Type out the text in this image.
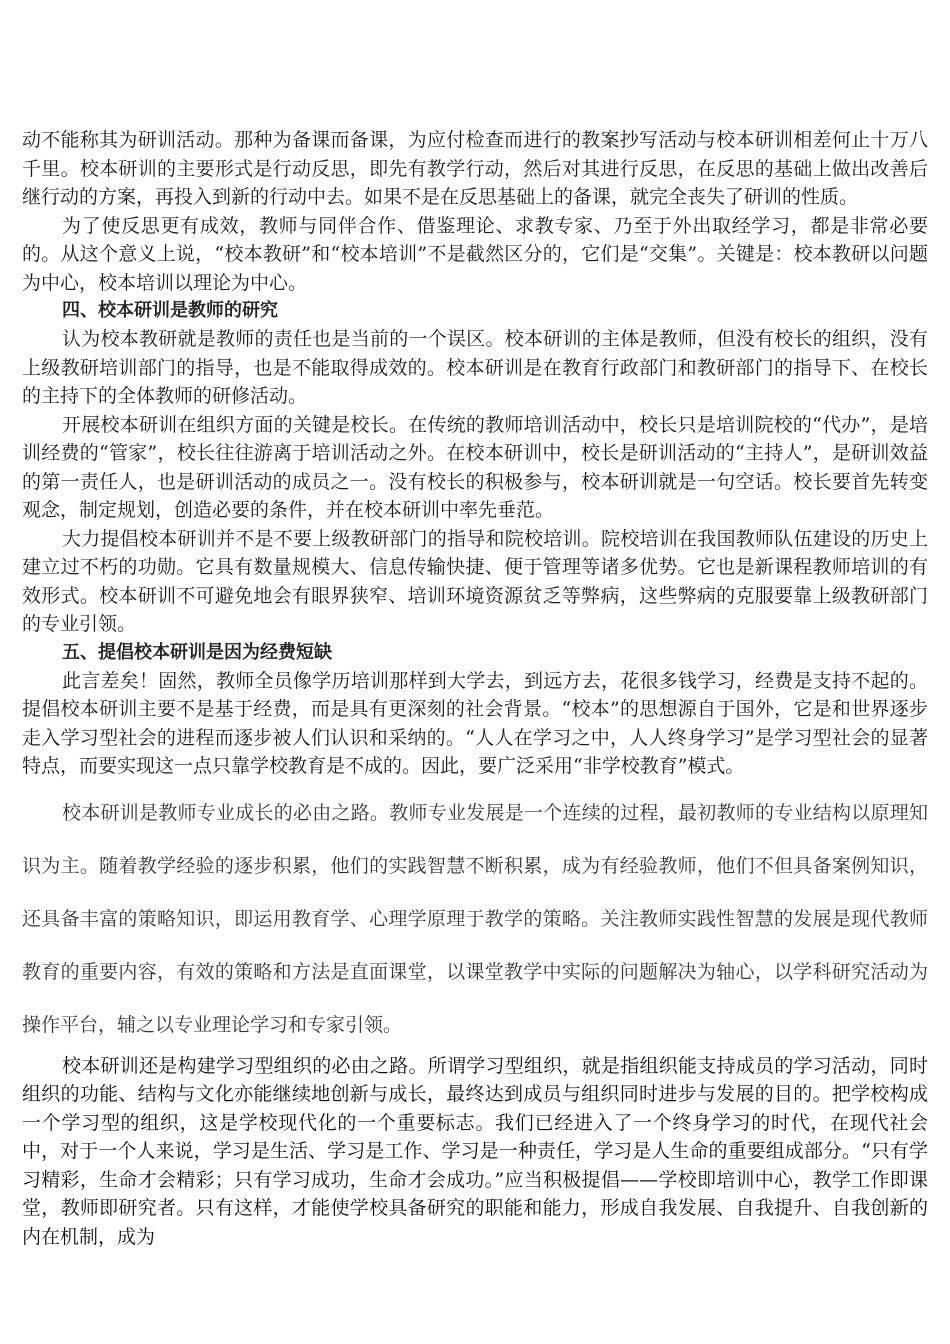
动不能称其为研训活动。那种为备课而备课，为应付检查而进行的教案抄写活动与校本研训相差何止十万八千里。校本研训的主要形式是行动反思，即先有教学行动，然后对其进行反思，在反思的基础上做出改善后继行动的方案，再投入到新的行动中去。如果不是在反思基础上的备课，就完全丧失了研训的性质。

为了使反思更有成效，教师与同伴合作、借鉴理论、求教专家、乃至于外出取经学习，都是非常必要的。从这个意义上说，“校本教研”和“校本培训”不是截然区分的，它们是“交集”。关键是：校本教研以问题为中心，校本培训以理论为中心。

四、校本研训是教师的研究

认为校本教研就是教师的责任也是当前的一个误区。校本研训的主体是教师，但没有校长的组织，没有上级教研培训部门的指导，也是不能取得成效的。校本研训是在教育行政部门和教研部门的指导下、在校长的主持下的全体教师的研修活动。

开展校本研训在组织方面的关键是校长。在传统的教师培训活动中，校长只是培训院校的“代办”，是培训经费的“管家”，校长往往游离于培训活动之外。在校本研训中，校长是研训活动的“主持人”，是研训效益的第一责任人，也是研训活动的成员之一。没有校长的积极参与，校本研训就是一句空话。校长要首先转变观念，制定规划，创造必要的条件，并在校本研训中率先垂范。

大力提倡校本研训并不是不要上级教研部门的指导和院校培训。院校培训在我国教师队伍建设的历史上建立过不朽的功勋。它具有数量规模大、信息传输快捷、便于管理等诸多优势。它也是新课程教师培训的有效形式。校本研训不可避免地会有眼界狭窄、培训环境资源贫乏等弊病，这些弊病的克服要靠上级教研部门的专业引领。

五、提倡校本研训是因为经费短缺

此言差矣！固然，教师全员像学历培训那样到大学去，到远方去，花很多钱学习，经费是支持不起的。提倡校本研训主要不是基于经费，而是具有更深刻的社会背景。“校本”的思想源自于国外，它是和世界逐步走入学习型社会的进程而逐步被人们认识和采纳的。“人人在学习之中，人人终身学习”是学习型社会的显著特点，而要实现这一点只靠学校教育是不成的。因此，要广泛采用“非学校教育”模式。

校本研训是教师专业成长的必由之路。教师专业发展是一个连续的过程，最初教师的专业结构以原理知识为主。随着教学经验的逐步积累，他们的实践智慧不断积累，成为有经验教师，他们不但具备案例知识，还具备丰富的策略知识，即运用教育学、心理学原理于教学的策略。关注教师实践性智慧的发展是现代教师教育的重要内容，有效的策略和方法是直面课堂，以课堂教学中实际的问题解决为轴心，以学科研究活动为操作平台，辅之以专业理论学习和专家引领。

校本研训还是构建学习型组织的必由之路。所谓学习型组织，就是指组织能支持成员的学习活动，同时组织的功能、结构与文化亦能继续地创新与成长，最终达到成员与组织同时进步与发展的目的。把学校构成一个学习型的组织，这是学校现代化的一个重要标志。我们已经进入了一个终身学习的时代，在现代社会中，对于一个人来说，学习是生活、学习是工作、学习是一种责任，学习是人生命的重要组成部分。“只有学习精彩，生命才会精彩；只有学习成功，生命才会成功。”应当积极提倡——学校即培训中心，教学工作即课堂，教师即研究者。只有这样，才能使学校具备研究的职能和能力，形成自我发展、自我提升、自我创新的内在机制，成为
